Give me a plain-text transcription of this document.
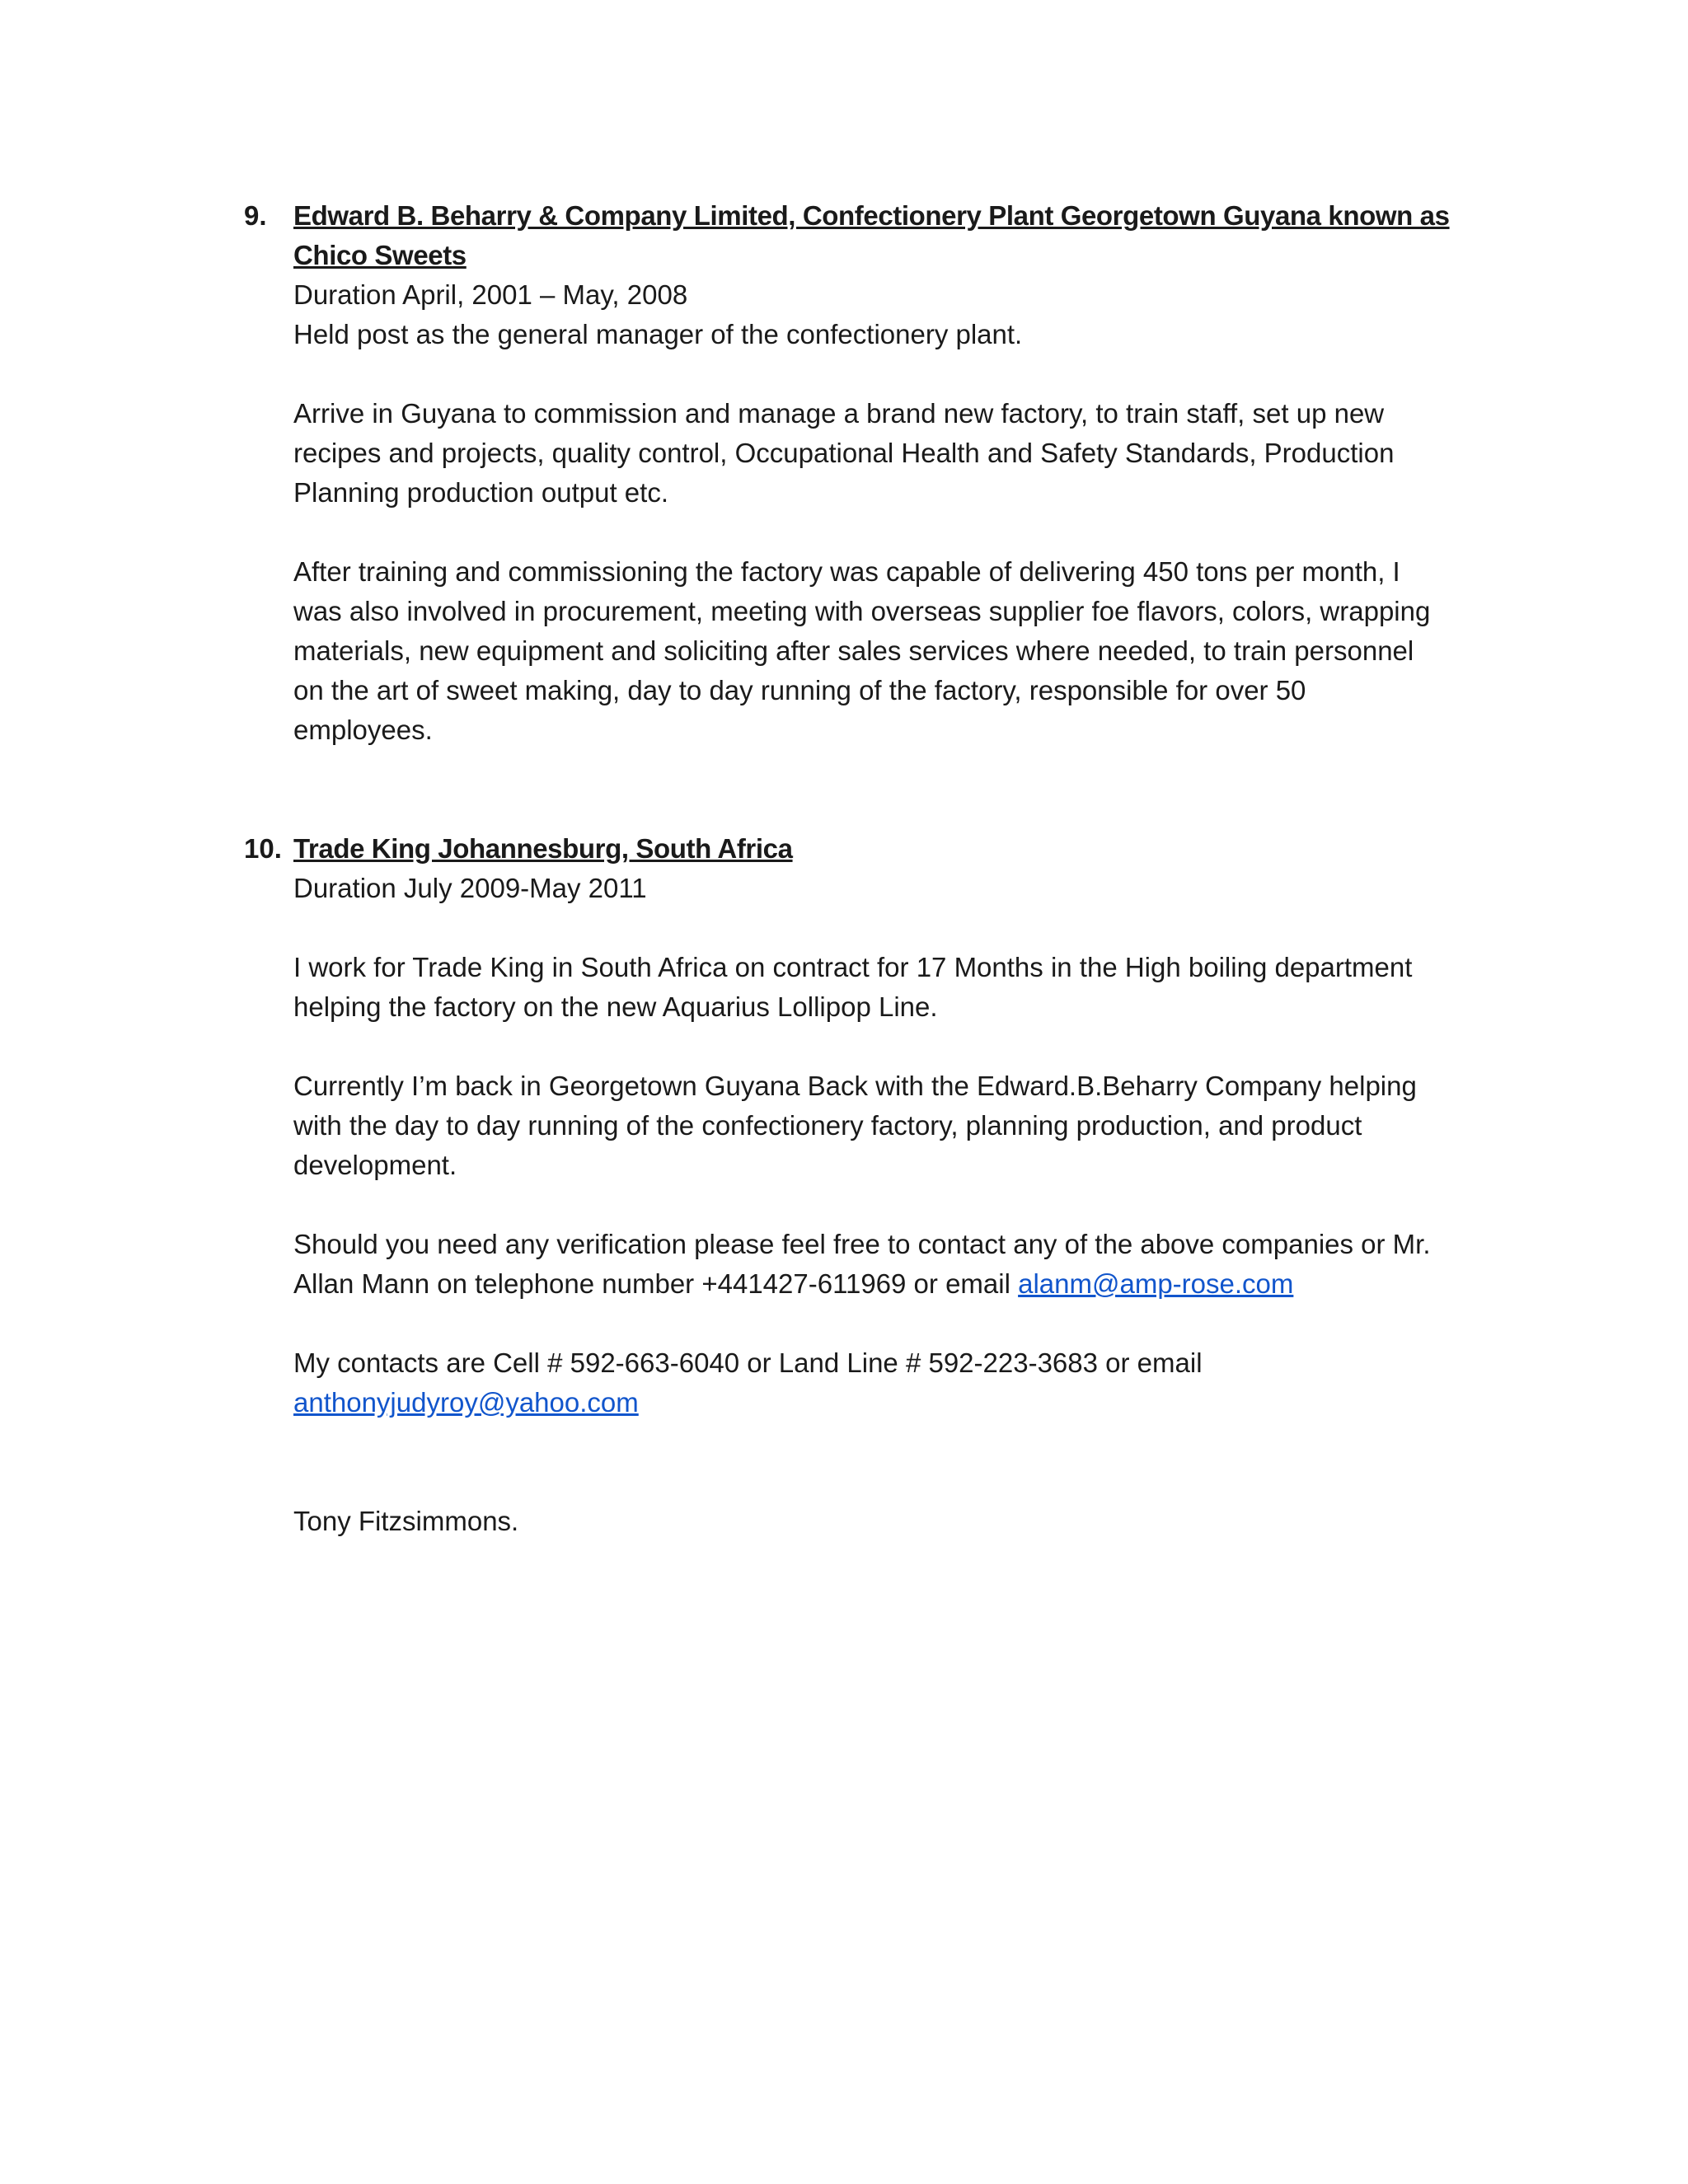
9. Edward B. Beharry & Company Limited, Confectionery Plant Georgetown Guyana known as
Chico Sweets
Duration April, 2001 – May, 2008
Held post as the general manager of the confectionery plant.
Arrive in Guyana to commission and manage a brand new factory, to train staff, set up new
recipes and projects, quality control, Occupational Health and Safety Standards, Production
Planning production output etc.
After training and commissioning the factory was capable of delivering 450 tons per month, I
was also involved in procurement, meeting with overseas supplier foe flavors, colors, wrapping
materials, new equipment and soliciting after sales services where needed, to train personnel
on the art of sweet making, day to day running of the factory, responsible for over 50
employees.
10. Trade King Johannesburg, South Africa
Duration July 2009-May 2011
I work for Trade King in South Africa on contract for 17 Months in the High boiling department
helping the factory on the new Aquarius Lollipop Line.
Currently I’m back in Georgetown Guyana Back with the Edward.B.Beharry Company helping
with the day to day running of the confectionery factory, planning production, and product
development.
Should you need any verification please feel free to contact any of the above companies or Mr.
Allan Mann on telephone number +441427-611969 or email alanm@amp-rose.com
My contacts are Cell # 592-663-6040 or Land Line # 592-223-3683 or email
anthonyjudyroy@yahoo.com
Tony Fitzsimmons.
